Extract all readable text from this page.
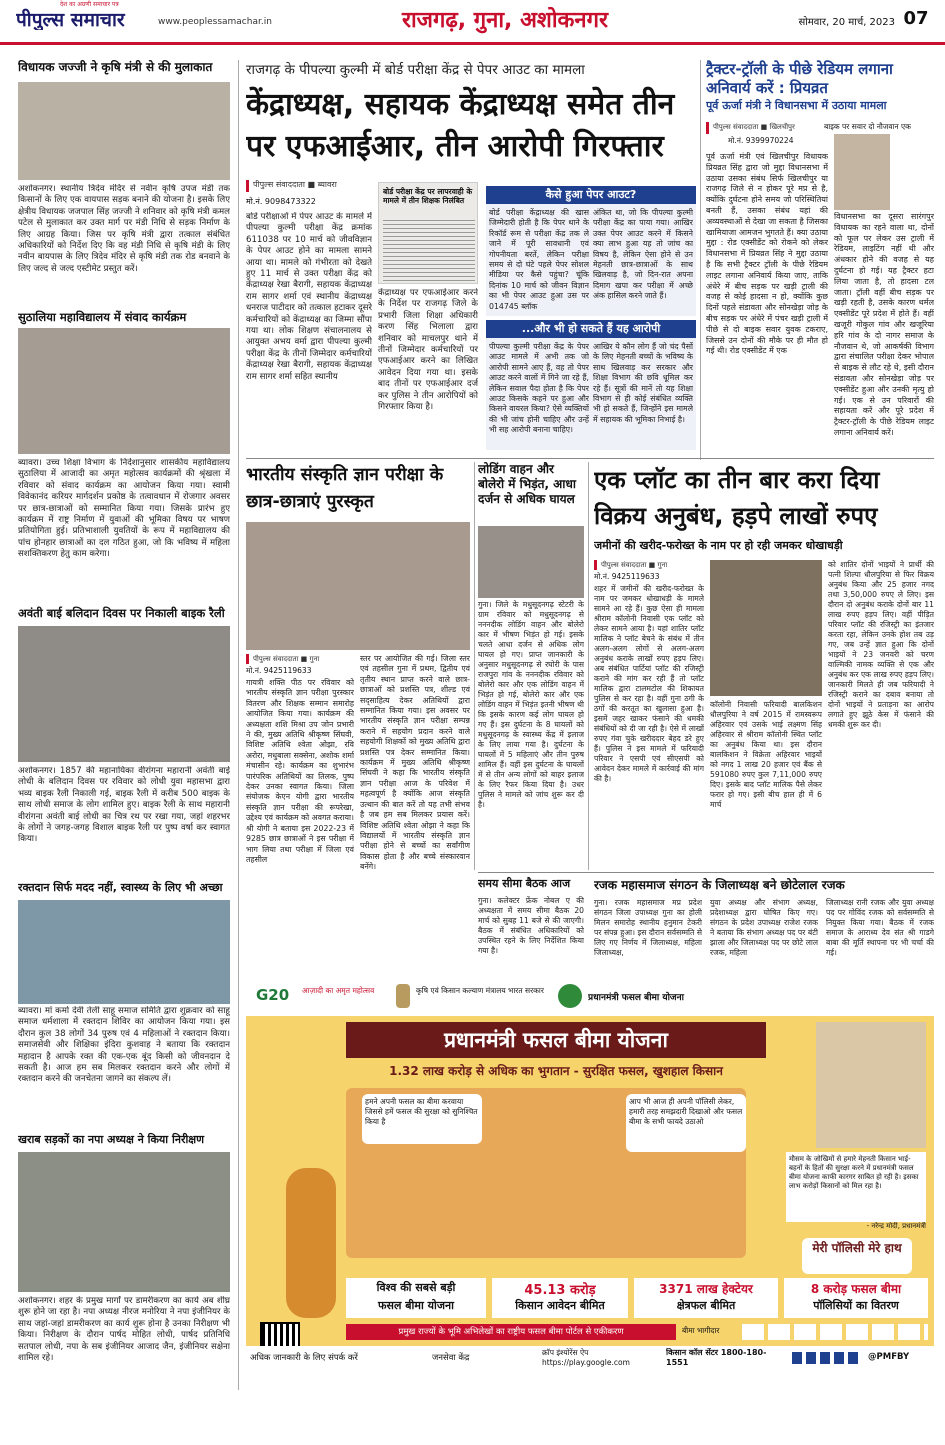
पीपुल्स समाचार
देश का अग्रणी समाचार पत्र
www.peoplessamachar.in	राजगढ़, गुना, अशोकनगर	सोमवार, 20 मार्च, 2023 07
विधायक जज्जी ने कृषि मंत्री से की मुलाकात
अशोकनगर। स्थानीय त्रिदेव मंदिर से नवीन कृषि उपज मंडी तक किसानों के लिए एक वायपास सड़क बनाने की योजना है। इसके लिए क्षेत्रीय विधायक जजपाल सिंह जज्जी ने शनिवार को कृषि मंत्री कमल पटेल से मुलाकात कर उक्त मार्ग पर मंडी निधि से सड़क निर्माण के लिए आग्रह किया। जिस पर कृषि मंत्री द्वारा तत्काल संबंधित अधिकारियों को निर्देश दिए कि वह मंडी निधि से कृषि मंडी के लिए नवीन बायपास के लिए त्रिदेव मंदिर से कृषि मंडी तक रोड बनवाने के लिए जल्द से जल्द एस्टीमेट प्रस्तुत करें।
सुठालिया महाविद्यालय में संवाद कार्यक्रम
ब्यावरा। उच्च शिक्षा विभाग के निर्देशानुसार शासकीय महाविद्यालय सुठालिया में आजादी का अमृत महोत्सव कार्यक्रमों की श्रृंखला में रविवार को संवाद कार्यक्रम का आयोजन किया गया। स्वामी विवेकानंद करियर मार्गदर्शन प्रकोष्ठ के तत्वावधान में रोजगार अवसर पर छात्र-छात्राओं को सम्मानित किया गया। जिसके प्रारंभ हुए कार्यक्रम में राष्ट्र निर्माण में युवाओं की भूमिका विषय पर भाषण प्रतियोगिता हुई। प्रतिभाशाली युवतियों के रूप में महाविद्यालय की पांच होनहार छात्राओं का दल गठित हुआ, जो कि भविष्य में महिला सशक्तिकरण हेतु काम करेगा।
अवंती बाई बलिदान दिवस पर निकाली बाइक रैली
अशोकनगर। 1857 की महानायिका वीरांगना महारानी अवंती बाई लोधी के बलिदान दिवस पर रविवार को लोधी युवा महासभा द्वारा भव्य बाइक रैली निकाली गई, बाइक रैली में करीब 500 बाइक के साथ लोधी समाज के लोग शामिल हुए। बाइक रैली के साथ महारानी वीरांगना अवंती बाई लोधी का चित्र रथ पर रखा गया, जहां शहरभर के लोगों ने जगह-जगह विशाल बाइक रैली पर पुष्प वर्षा कर स्वागत किया।
रक्तदान सिर्फ मदद नहीं, स्वास्थ्य के लिए भी अच्छा
ब्यावरा। मां कर्मा देवी तेली साहू समाज समिति द्वारा शुक्रवार को साहू समाज धर्मशाला में रक्तदान शिविर का आयोजन किया गया। इस दौरान कुल 38 लोगों 34 पुरुष एवं 4 महिलाओं ने रक्तदान किया। समाजसेवी और शिक्षिका इंदिरा कुशवाह ने बताया कि रक्तदान महादान है आपके रक्त की एक-एक बूंद किसी को जीवनदान दे सकती है। आज हम सब मिलकर रक्तदान करने और लोगों में रक्तदान करने की जनचेतना जागने का संकल्प लें।
खराब सड़कों का नपा अध्यक्ष ने किया निरीक्षण
अशोकनगर। शहर के प्रमुख मार्गों पर डामरीकरण का कार्य अब शीघ्र शुरू होने जा रहा है। नपा अध्यक्ष नीरज मनोरिया ने नपा इंजीनियर के साथ जहां-जहां डामरीकरण का कार्य शुरू होना है उनका निरीक्षण भी किया। निरीक्षण के दौरान पार्षद मोहित लोधी, पार्षद प्रतिनिधि सतपाल लोधी, नपा के सब इंजीनियर आजाद जैन, इंजीनियर सक्षेना शामिल रहे।
राजगढ़ के पीपल्या कुल्मी में बोर्ड परीक्षा केंद्र से पेपर आउट का मामला
केंद्राध्यक्ष, सहायक केंद्राध्यक्ष समेत तीन पर एफआईआर, तीन आरोपी गिरफ्तार
पीपुल्स संवाददाता ■ ब्यावरा
मो.नं. 9098473322
बोर्ड परीक्षाओं में पेपर आउट के मामले में पीपल्या कुल्मी परीक्षा केंद्र क्रमांक 611038 पर 10 मार्च को जीवविज्ञान के पेपर आउट होने का मामला सामने आया था। मामले को गंभीरता को देखते हुए 11 मार्च से उक्त परीक्षा केंद्र को केंद्राध्यक्ष रेखा बैरागी, सहायक केंद्राध्यक्ष राम सागर शर्मा एवं स्थानीय केंद्राध्यक्ष धनराज पाटीदार को तत्काल हटाकर दूसरे कर्मचारियों को केंद्राध्यक्ष का जिम्मा सौंपा गया था। लोक शिक्षण संचालनालय से आयुक्त अभय वर्मा द्वारा पीपल्या कुल्मी परीक्षा केंद्र के तीनों जिम्मेदार कर्मचारियों केंद्राध्यक्ष रेखा बैरागी, सहायक केंद्राध्यक्ष राम सागर शर्मा सहित स्थानीय
बोर्ड परीक्षा केंद्र पर लापरवाही के मामले में तीन शिक्षक निलंबित
केंद्राध्यक्ष पर एफआईआर करने के निर्देश पर राजगढ़ जिले के प्रभारी जिला शिक्षा अधिकारी करण सिंह भिलाला द्वारा शनिवार को माचलपुर थाने में तीनों जिम्मेदार कर्मचारियों पर एफआईआर करने का लिखित आवेदन दिया गया था। इसके बाद तीनों पर एफआईआर दर्ज कर पुलिस ने तीन आरोपियों को गिरफ्तार किया है।
कैसे हुआ पेपर आउट?
बोर्ड परीक्षा केंद्राध्यक्ष की खास जिम्मेदारी होती है कि पेपर थाने के रिकॉर्ड रूम से परीक्षा केंद्र तक ले जाने में पूरी सावधानी एवं गोपनीयता बरतें, लेकिन परीक्षा समय से दो घंटे पहले पेपर सोशल मीडिया पर कैसे पहुंचा? चूंकि दिनांक 10 मार्च को जीवन विज्ञान का भी पेपर आउट हुआ उस पर 014745 ब्लॉक
अंकित था, जो कि पीपल्या कुल्मी परीक्षा केंद्र का पाया गया। आखिर उक्त पेपर आउट करने में किसने क्या लाभ हुआ यह तो जांच का विषय है, लेकिन ऐसा होने से उन मेहनती छात्र-छात्राओं के साथ खिलवाड़ है, जो दिन-रात अपना दिमाग खपा कर परीक्षा में अच्छे अंक हासिल करने जाते हैं।
...और भी हो सकते हैं यह आरोपी
पीपल्या कुल्मी परीक्षा केंद्र के पेपर आउट मामले में अभी तक जो आरोपी सामने आए हैं, वह तो पेपर आउट करने वालों में गिने जा रहे हैं, लेकिन सवाल पैदा होता है कि पेपर आउट किसके कहने पर हुआ और किसने वायरल किया? ऐसे व्यक्तियों की भी जांच होनी चाहिए और उन्हें भी सह आरोपी बनाना चाहिए।
आखिर ये कौन लोग हैं जो चंद पैसों के लिए मेहनती बच्चों के भविष्य के साथ खिलवाड़ कर सरकार और शिक्षा विभाग की छवि धूमिल कर रहे हैं। सूत्रों की मानें तो यह शिक्षा विभाग से ही कोई संबंधित व्यक्ति भी हो सकते हैं, जिन्होंने इस मामले में सहायक की भूमिका निभाई है।
ट्रैक्टर-ट्रॉली के पीछे रेडियम लगाना अनिवार्य करें : प्रियव्रत
पूर्व ऊर्जा मंत्री ने विधानसभा में उठाया मामला
पीपुल्स संवाददाता ■ खिलचीपुर
मो.नं. 9399970224
बाइक पर सवार दो नौजवान एक
पूर्व ऊर्जा मंत्री एवं खिलचीपुर विधायक प्रियव्रत सिंह द्वारा जो मुद्दा विधानसभा में उठाया उसका संबंध सिर्फ खिलचीपुर या राजगढ़ जिले से न होकर पूरे मप्र से है, क्योंकि दुर्घटना होने समय जो परिस्थितियां बनती हैं, उसका संबंध यहां की अव्यवस्थाओं से देखा जा सकता है जिसका खामियाजा आमजन भुगतते हैं। क्या उठाया मुद्दा : रोड एक्सीडेंट को रोकने को लेकर विधानसभा में प्रियव्रत सिंह ने मुद्दा उठाया है कि सभी ट्रैक्टर ट्रॉली के पीछे रेडियम लाइट लगाना अनिवार्य किया जाए, ताकि अंधेरे में बीच सड़क पर खड़ी ट्राली की वजह से कोई हादसा न हो, क्योंकि कुछ दिनों पहले संडावता और सोनखेड़ा जोड़ के बीच सड़क पर अंधेरे में पंचर खड़ी ट्राली में पीछे से दो बाइक सवार युवक टकराए, जिससे उन दोनों की मौके पर ही मौत हो गई थी। रोड एक्सीडेंट में एक
विधानसभा का दूसरा सारंगपुर विधायक का रहने वाला था, दोनों को फूल पर लेकर उस ट्राली में रेडियम, लाइटिंग नहीं थी और अंधकार होने की वजह से यह दुर्घटना हो गई। यह ट्रैक्टर हटा लिया जाता है, तो हादसा टल जाता। ट्रॉली वहीं बीच सड़क पर खड़ी रहती है, उसके कारण थर्मल एक्सीडेंट पूरे प्रदेश में होते हैं। वहीं खजूरी गोकुल गांव और खजूरिया हरि गांव के दो नागर समाज के नौजवान थे, जो आकर्षकी विभाग द्वारा संचालित परीक्षा देकर भोपाल से बाइक से लौट रहे थे, इसी दौरान संडावता और सोनखेड़ा जोड़ पर एक्सीडेंट हुआ और उनकी मृत्यु हो गई। एक से उन परिवारों की सहायता करें और पूरे प्रदेश में ट्रैक्टर-ट्रॉली के पीछे रेडियम लाइट लगाना अनिवार्य करें।
भारतीय संस्कृति ज्ञान परीक्षा के छात्र-छात्राएं पुरस्कृत
पीपुल्स संवाददाता ■ गुना
मो.नं. 9425119633
गायत्री शक्ति पीठ पर रविवार को भारतीय संस्कृति ज्ञान परीक्षा पुरस्कार वितरण और शिक्षक सम्मान समारोह आयोजित किया गया। कार्यक्रम की अध्यक्षता शशि मिश्रा उप जोन प्रभारी ने की, मुख्य अतिथि श्रीकृष्ण सिंघवी, विशिष्ट अतिथि श्वेता ओझा, रवि अरोरा, मधुबाला सक्सेना, अशोक शर्मा मंचासीन रहे। कार्यक्रम का शुभारंभ पारंपरिक अतिथियों का तिलक, पुष्प देकर उनका स्वागत किया। जिला संयोजक केएन योगी द्वारा भारतीय संस्कृति ज्ञान परीक्षा की रूपरेखा, उद्देश्य एवं कार्यक्रम को अवगत कराया। श्री योगी ने बताया इस 2022-23 में 9285 छात्र छात्राओं ने इस परीक्षा में भाग लिया तथा परीक्षा में जिला एवं तहसील
स्तर पर आयोजित की गई। जिला स्तर एवं तहसील गुना में प्रथम, द्वितीय एवं तृतीय स्थान प्राप्त करने वाले छात्र-छात्राओं को प्रशस्ति पत्र, शील्ड एवं सद्साहित्य देकर अतिथियों द्वारा सम्मानित किया गया। इस अवसर पर भारतीय संस्कृति ज्ञान परीक्षा सम्पन्न कराने में सहयोग प्रदान करने वाले सहयोगी शिक्षकों को मुख्य अतिथि द्वारा प्रशस्ति पत्र देकर सम्मानित किया। कार्यक्रम में मुख्य अतिथि श्रीकृष्ण सिंघवी ने कहा कि भारतीय संस्कृति ज्ञान परीक्षा आज के परिवेश में महत्वपूर्ण है क्योंकि आज संस्कृति उत्थान की बात करें तो यह तभी संभव है जब हम सब मिलकर प्रयास करें। विशिष्ट अतिथि श्वेता ओझा ने कहा कि विद्यालयों में भारतीय संस्कृति ज्ञान परीक्षा होने से बच्चों का सर्वांगीण विकास होता है और बच्चे संस्कारवान बनेंगे।
लोडिंग वाहन और बोलेरो में भिड़ंत, आधा दर्जन से अधिक घायल
गुना। जिले के मधुसूदनगढ़ स्टेटरी के ग्राम रविवार को मधुसूदनगढ़ से नननदीक लोडिंग वाहन और बोलेरो कार में भीषण भिड़ंत हो गई। इसके चलते आधा दर्जन से अधिक लोग घायल हो गए। प्राप्त जानकारी के अनुसार मधुसूदनगढ़ से रघोरी के पास राजपुरा गांव के नननदीक रविवार को बोलेरो कार और एक लोडिंग वाहन में भिड़ंत हो गई, बोलेरो कार और एक लोडिंग वाहन में भिड़ंत इतनी भीषण थी कि इसके कारण कई लोग घायल हो गए हैं। इस दुर्घटना के 8 घायलों को मधुसूदनगढ़ के स्वास्थ्य केंद्र में इलाज के लिए लाया गया है। दुर्घटना के घायलों में 5 महिलाएं और तीन पुरुष शामिल हैं। वहीं इस दुर्घटना के घायलों में से तीन अन्य लोगों को बाहर इलाज के लिए रैफर किया दिया है। उधर पुलिस ने मामले को जांच शुरू कर दी है।
एक प्लॉट का तीन बार करा दिया विक्रय अनुबंध, हड़पे लाखों रुपए
जमीनों की खरीद-फरोख्त के नाम पर हो रही जमकर धोखाधड़ी
पीपुल्स संवाददाता ■ गुना
मो.नं. 9425119633
शहर में जमीनों की खरीद-फरोख्त के नाम पर जमकर धोखाधड़ी के मामले सामने आ रहे हैं। कुछ ऐसा ही मामला श्रीराम कॉलोनी निवासी एक प्लॉट को लेकर सामने आया है। यहां शातिर प्लॉट मालिक ने प्लॉट बेचने के संबंध में तीन अलग-अलग लोगों से अलग-अलग अनुबंध कराके लाखों रुपए हड़प लिए। अब संबंधित पार्टियां प्लॉट की रजिस्ट्री कराने की मांग कर रही हैं तो प्लॉट मालिक द्वारा टालमटोल की शिकायत पुलिस से कर रहा है। वहीं गुना ठगी के ठगों की करतूत का खुलासा हुआ है। इसमें जहर खाकर फंसाने की धमकी संबंधियों को दी जा रही है। ऐसे में लाखों रुपए गंवा चुके खरीददार बेहद डरे हुए हैं। पुलिस ने इस मामले में फरियादी परिवार ने एसपी एवं सीएसपी को आवेदन देकर मामले में कार्रवाई की मांग की है।
कॉलोनी निवासी फरियादी बालकिशन धौलपुरिया ने वर्ष 2015 में रामस्वरूप अहिरवार एवं उसके भाई लक्ष्मण सिंह अहिरवार से श्रीराम कॉलोनी स्थित प्लॉट का अनुबंध किया था। इस दौरान बालकिशन ने विक्रेता अहिरवार भाइयों को नगद 1 लाख 20 हजार एवं बैंक से 591080 रुपए कुल 7,11,000 रुपए दिए। इसके बाद प्लॉट मालिक पैसे लेकर फरार हो गए। इसी बीच हाल ही में 6 मार्च
को शातिर दोनों भाइयों ने प्रार्थी की पत्नी शिल्पा धौलपुरिया से फिर विक्रय अनुबंध किया और 25 हजार नगद तथा 3,50,000 रुपए ले लिए। इस दौरान दो अनुबंध कराके दोनों बार 11 लाख रुपए हड़प लिए। वहीं पीड़ित परिवार प्लॉट की रजिस्ट्री का इंतजार करता रहा, लेकिन उनके होश तब उड़ गए, जब उन्हें ज्ञात हुआ कि दोनों भाइयों ने 23 जनवरी को चरण वाल्मिकी नामक व्यक्ति से एक और अनुबंध कर एक लाख रुपए हड़प लिए। जानकारी मिलते ही जब फरियादी ने रजिस्ट्री कराने का दबाव बनाया तो दोनों भाइयों ने प्रताड़ना का आरोप लगाते हुए झूठे केस में फंसाने की धमकी शुरू कर दी।
समय सीमा बैठक आज
गुना। कलेक्टर फ्रेंक नोबल ए की अध्यक्षता में समय सीमा बैठक 20 मार्च को सुबह 11 बजे से की जाएगी। बैठक में संबंधित अधिकारियों को उपस्थित रहने के लिए निर्देशित किया गया है।
रजक महासमाज संगठन के जिलाध्यक्ष बने छोटेलाल रजक
गुना। रजक महासमाज मप्र प्रदेश संगठन जिला उपाध्यक्ष गुना का होली मिलन समारोह स्थानीय हनुमान टेकरी पर संपन्न हुआ। इस दौरान सर्वसम्मति से लिए गए निर्णय में जिलाध्यक्ष, महिला जिलाध्यक्ष,
युवा अध्यक्ष और संभाग अध्यक्ष, प्रदेशाध्यक्ष द्वारा घोषित किए गए। संगठन के प्रदेश उपाध्यक्ष राजेश रजक ने बताया कि संभाग अध्यक्ष पद पर बंटी झाला और जिलाध्यक्ष पद पर छोटे लाल रजक, महिला
जिलाध्यक्ष रानी रजक और युवा अध्यक्ष पद पर गोविंद रजक को सर्वसम्मति से नियुक्त किया गया। बैठक में रजक समाज के आराध्य देव संत श्री गाडगे बाबा की मूर्ति स्थापना पर भी चर्चा की गई।
G20	आज़ादी का अमृत महोत्सव	कृषि एवं किसान कल्याण मंत्रालय भारत सरकार
प्रधानमंत्री फसल बीमा योजना
प्रधानमंत्री फसल बीमा योजना
1.32 लाख करोड़ से अधिक का भुगतान - सुरक्षित फसल, खुशहाल किसान
हमने अपनी फसल का बीमा करवाया जिससे हमें फसल की सुरक्षा को सुनिश्चित किया है
आप भी आज ही अपनी पॉलिसी लेकर, हमारी तरह समझदारी दिखाओ और फसल बीमा के सभी फायदे उठाओ
मौसम के जोखिमों से हमारे मेहनती किसान भाई-बहनों के हितों की सुरक्षा करने में प्रधानमंत्री फसल बीमा योजना काफी कारगर साबित हो रही है। इसका लाभ करोड़ों किसानों को मिल रहा है।
- नरेन्द्र मोदी, प्रधानमंत्री
मेरी पॉलिसी मेरे हाथ
विश्व की सबसे बड़ी
फसल बीमा योजना
45.13 करोड़
किसान आवेदन बीमित
3371 लाख हेक्टेयर
क्षेत्रफल बीमित
8 करोड़ फसल बीमा
पॉलिसियों का वितरण
प्रमुख राज्यों के भूमि अभिलेखों का राष्ट्रीय फसल बीमा पोर्टल से एकीकरण	बीमा भागीदार
अधिक जानकारी के लिए संपर्क करें	जनसेवा केंद्र
क्रॉप इंश्योरेंस ऐप https://play.google.com
किसान कॉल सेंटर 1800-180-1551
@PMFBY
